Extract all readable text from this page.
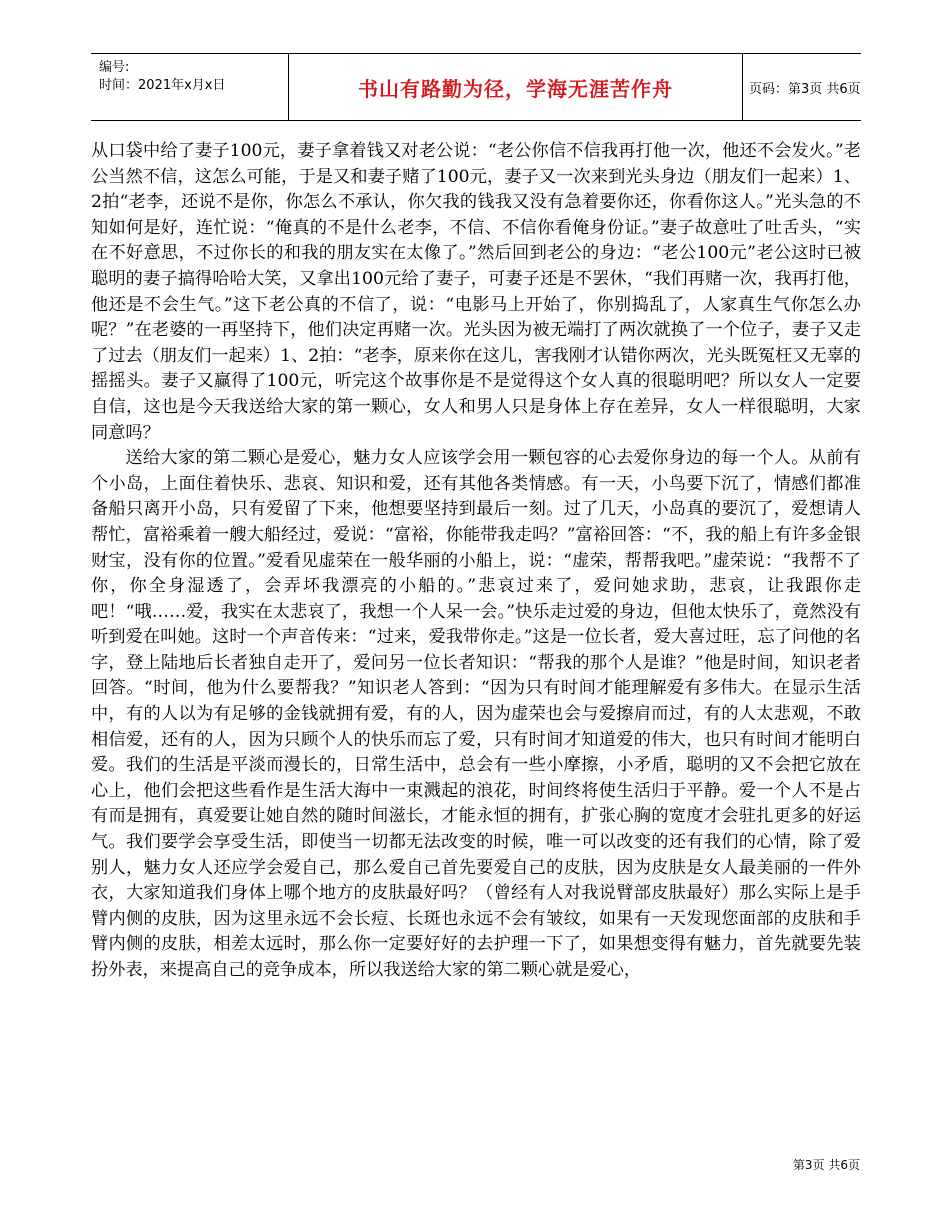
编号:
时间：2021年x月x日	书山有路勤为径，学海无涯苦作舟	页码：第3页 共6页

从口袋中给了妻子100元，妻子拿着钱又对老公说：“老公你信不信我再打他一次，他还不会发火。”老公当然不信，这怎么可能，于是又和妻子赌了100元，妻子又一次来到光头身边（朋友们一起来）1、2拍“老李，还说不是你，你怎么不承认，你欠我的钱我又没有急着要你还，你看你这人。”光头急的不知如何是好，连忙说：“俺真的不是什么老李，不信、不信你看俺身份证。”妻子故意吐了吐舌头，“实在不好意思，不过你长的和我的朋友实在太像了。”然后回到老公的身边：“老公100元”老公这时已被聪明的妻子搞得哈哈大笑，又拿出100元给了妻子，可妻子还是不罢休，“我们再赌一次，我再打他，他还是不会生气。”这下老公真的不信了，说：“电影马上开始了，你别捣乱了，人家真生气你怎么办呢？”在老婆的一再坚持下，他们决定再赌一次。光头因为被无端打了两次就换了一个位子，妻子又走了过去（朋友们一起来）1、2拍：“老李，原来你在这儿，害我刚才认错你两次，光头既冤枉又无辜的摇摇头。妻子又赢得了100元，听完这个故事你是不是觉得这个女人真的很聪明吧？所以女人一定要自信，这也是今天我送给大家的第一颗心，女人和男人只是身体上存在差异，女人一样很聪明，大家同意吗？

送给大家的第二颗心是爱心，魅力女人应该学会用一颗包容的心去爱你身边的每一个人。从前有个小岛，上面住着快乐、悲哀、知识和爱，还有其他各类情感。有一天，小鸟要下沉了，情感们都准备船只离开小岛，只有爱留了下来，他想要坚持到最后一刻。过了几天，小岛真的要沉了，爱想请人帮忙，富裕乘着一艘大船经过，爱说：“富裕，你能带我走吗？”富裕回答：“不，我的船上有许多金银财宝，没有你的位置。”爱看见虚荣在一般华丽的小船上，说：“虚荣，帮帮我吧。”虚荣说：“我帮不了你，你全身湿透了，会弄坏我漂亮的小船的。”悲哀过来了，爱问她求助，悲哀，让我跟你走吧！“哦……爱，我实在太悲哀了，我想一个人呆一会。”快乐走过爱的身边，但他太快乐了，竟然没有听到爱在叫她。这时一个声音传来：“过来，爱我带你走。”这是一位长者，爱大喜过旺，忘了问他的名字，登上陆地后长者独自走开了，爱问另一位长者知识：“帮我的那个人是谁？”他是时间，知识老者回答。“时间，他为什么要帮我？”知识老人答到：“因为只有时间才能理解爱有多伟大。在显示生活中，有的人以为有足够的金钱就拥有爱，有的人，因为虚荣也会与爱擦肩而过，有的人太悲观，不敢相信爱，还有的人，因为只顾个人的快乐而忘了爱，只有时间才知道爱的伟大，也只有时间才能明白爱。我们的生活是平淡而漫长的，日常生活中，总会有一些小摩擦，小矛盾，聪明的又不会把它放在心上，他们会把这些看作是生活大海中一束溅起的浪花，时间终将使生活归于平静。爱一个人不是占有而是拥有，真爱要让她自然的随时间滋长，才能永恒的拥有，扩张心胸的宽度才会驻扎更多的好运气。我们要学会享受生活，即使当一切都无法改变的时候，唯一可以改变的还有我们的心情，除了爱别人，魅力女人还应学会爱自己，那么爱自己首先要爱自己的皮肤，因为皮肤是女人最美丽的一件外衣，大家知道我们身体上哪个地方的皮肤最好吗？（曾经有人对我说臂部皮肤最好）那么实际上是手臂内侧的皮肤，因为这里永远不会长痘、长斑也永远不会有皱纹，如果有一天发现您面部的皮肤和手臂内侧的皮肤，相差太远时，那么你一定要好好的去护理一下了，如果想变得有魅力，首先就要先装扮外表，来提高自己的竞争成本，所以我送给大家的第二颗心就是爱心，

第3页 共6页
